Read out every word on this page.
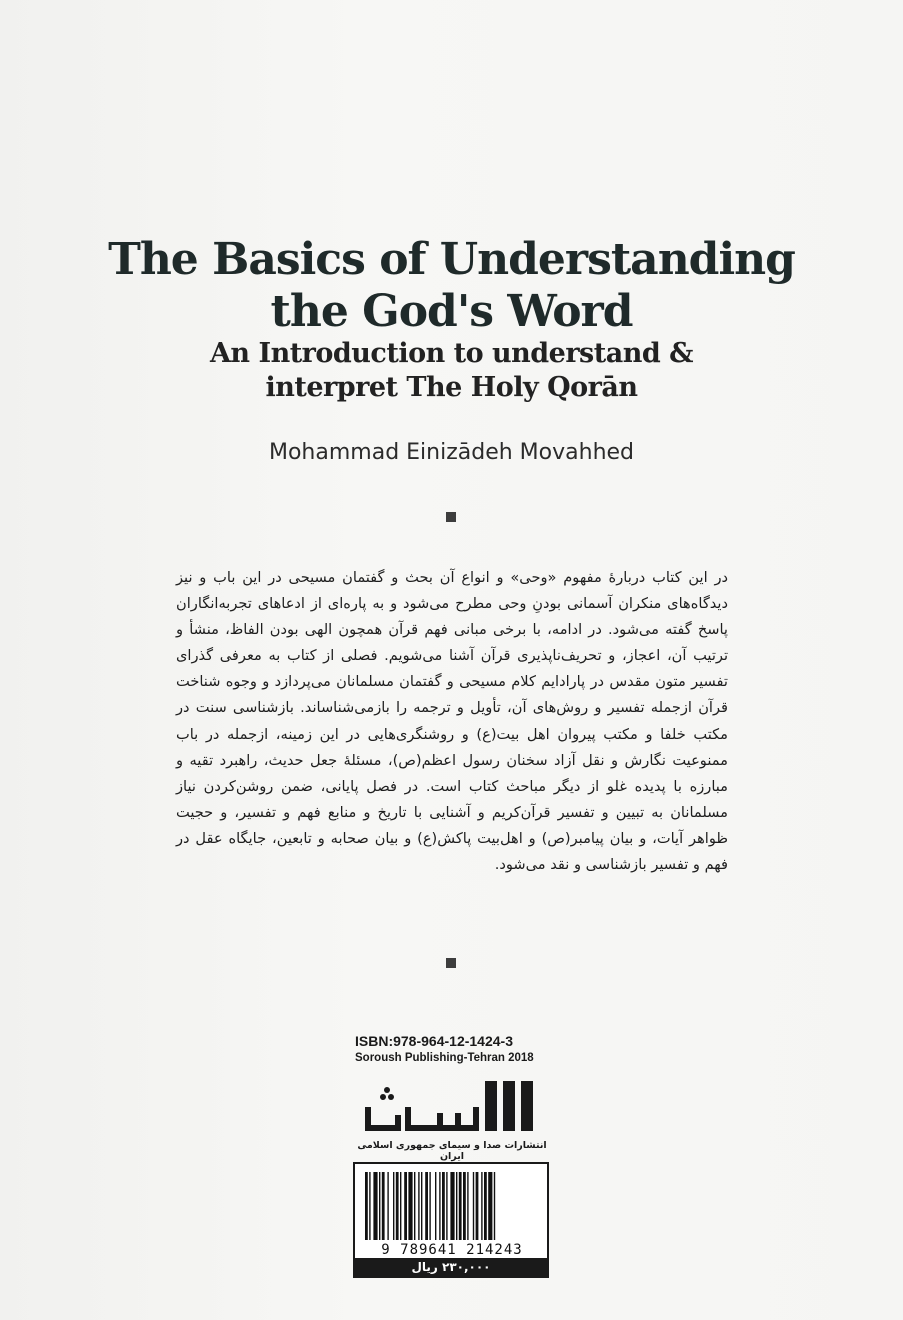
The Basics of Understanding
the God's Word
An Introduction to understand &
interpret The Holy Qorān
Mohammad Einizādeh Movahhed
در این کتاب دربارهٔ مفهوم «وحی» و انواع آن بحث و گفتمان مسیحی در این باب و نیز دیدگاه‌های منکران آسمانی بودنِ وحی مطرح می‌شود و به پاره‌ای از ادعاهای تجربه‌انگاران پاسخ گفته می‌شود. در ادامه، با برخی مبانی فهم قرآن همچون الهی بودن الفاظ، منشأ و ترتیب آن، اعجاز، و تحریف‌ناپذیری قرآن آشنا می‌شویم. فصلی از کتاب به معرفی گذرای تفسیر متون مقدس در پارادایم کلام مسیحی و گفتمان مسلمانان می‌پردازد و وجوه شناخت قرآن ازجمله تفسیر و روش‌های آن، تأویل و ترجمه را بازمی‌شناساند. بازشناسی سنت در مکتب خلفا و مکتب پیروان اهل بیت(ع) و روشنگری‌هایی در این زمینه، ازجمله در باب ممنوعیت نگارش و نقل آزاد سخنان رسول اعظم(ص)، مسئلهٔ جعل حدیث، راهبرد تقیه و مبارزه با پدیده غلو از دیگر مباحث کتاب است. در فصل پایانی، ضمن روشن‌کردن نیاز مسلمانان به تبیین و تفسیر قرآن‌کریم و آشنایی با تاریخ و منابع فهم و تفسیر، و حجیت ظواهر آیات، و بیان پیامبر(ص) و اهل‌بیت پاکش(ع) و بیان صحابه و تابعین، جایگاه عقل در فهم و تفسیر بازشناسی و نقد می‌شود.
ISBN:978-964-12-1424-3
Soroush Publishing-Tehran 2018
انتشارات صدا و سیمای جمهوری اسلامی ایران
9 789641 214243
۲۳۰,۰۰۰ ریال
